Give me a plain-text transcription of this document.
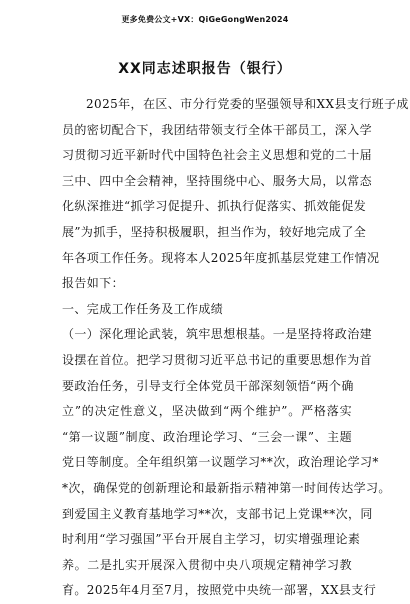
更多免费公文+VX：QiGeGongWen2024
XX同志述职报告（银行）
2025年，在区、市分行党委的坚强领导和XX县支行班子成
员的密切配合下，我团结带领支行全体干部员工，深入学
习贯彻习近平新时代中国特色社会主义思想和党的二十届
三中、四中全会精神，坚持围绕中心、服务大局，以常态
化纵深推进“抓学习促提升、抓执行促落实、抓效能促发
展”为抓手，坚持积极履职，担当作为，较好地完成了全
年各项工作任务。现将本人2025年度抓基层党建工作情况
报告如下：
一、完成工作任务及工作成绩
（一）深化理论武装，筑牢思想根基。一是坚持将政治建
设摆在首位。把学习贯彻习近平总书记的重要思想作为首
要政治任务，引导支行全体党员干部深刻领悟“两个确
立”的决定性意义，坚决做到“两个维护”。严格落实
“第一议题”制度、政治理论学习、“三会一课”、主题
党日等制度。全年组织第一议题学习**次，政治理论学习*
*次，确保党的创新理论和最新指示精神第一时间传达学习。
到爱国主义教育基地学习**次，支部书记上党课**次，同
时利用“学习强国”平台开展自主学习，切实增强理论素
养。二是扎实开展深入贯彻中央八项规定精神学习教
育。2025年4月至7月，按照党中央统一部署，XX县支行
